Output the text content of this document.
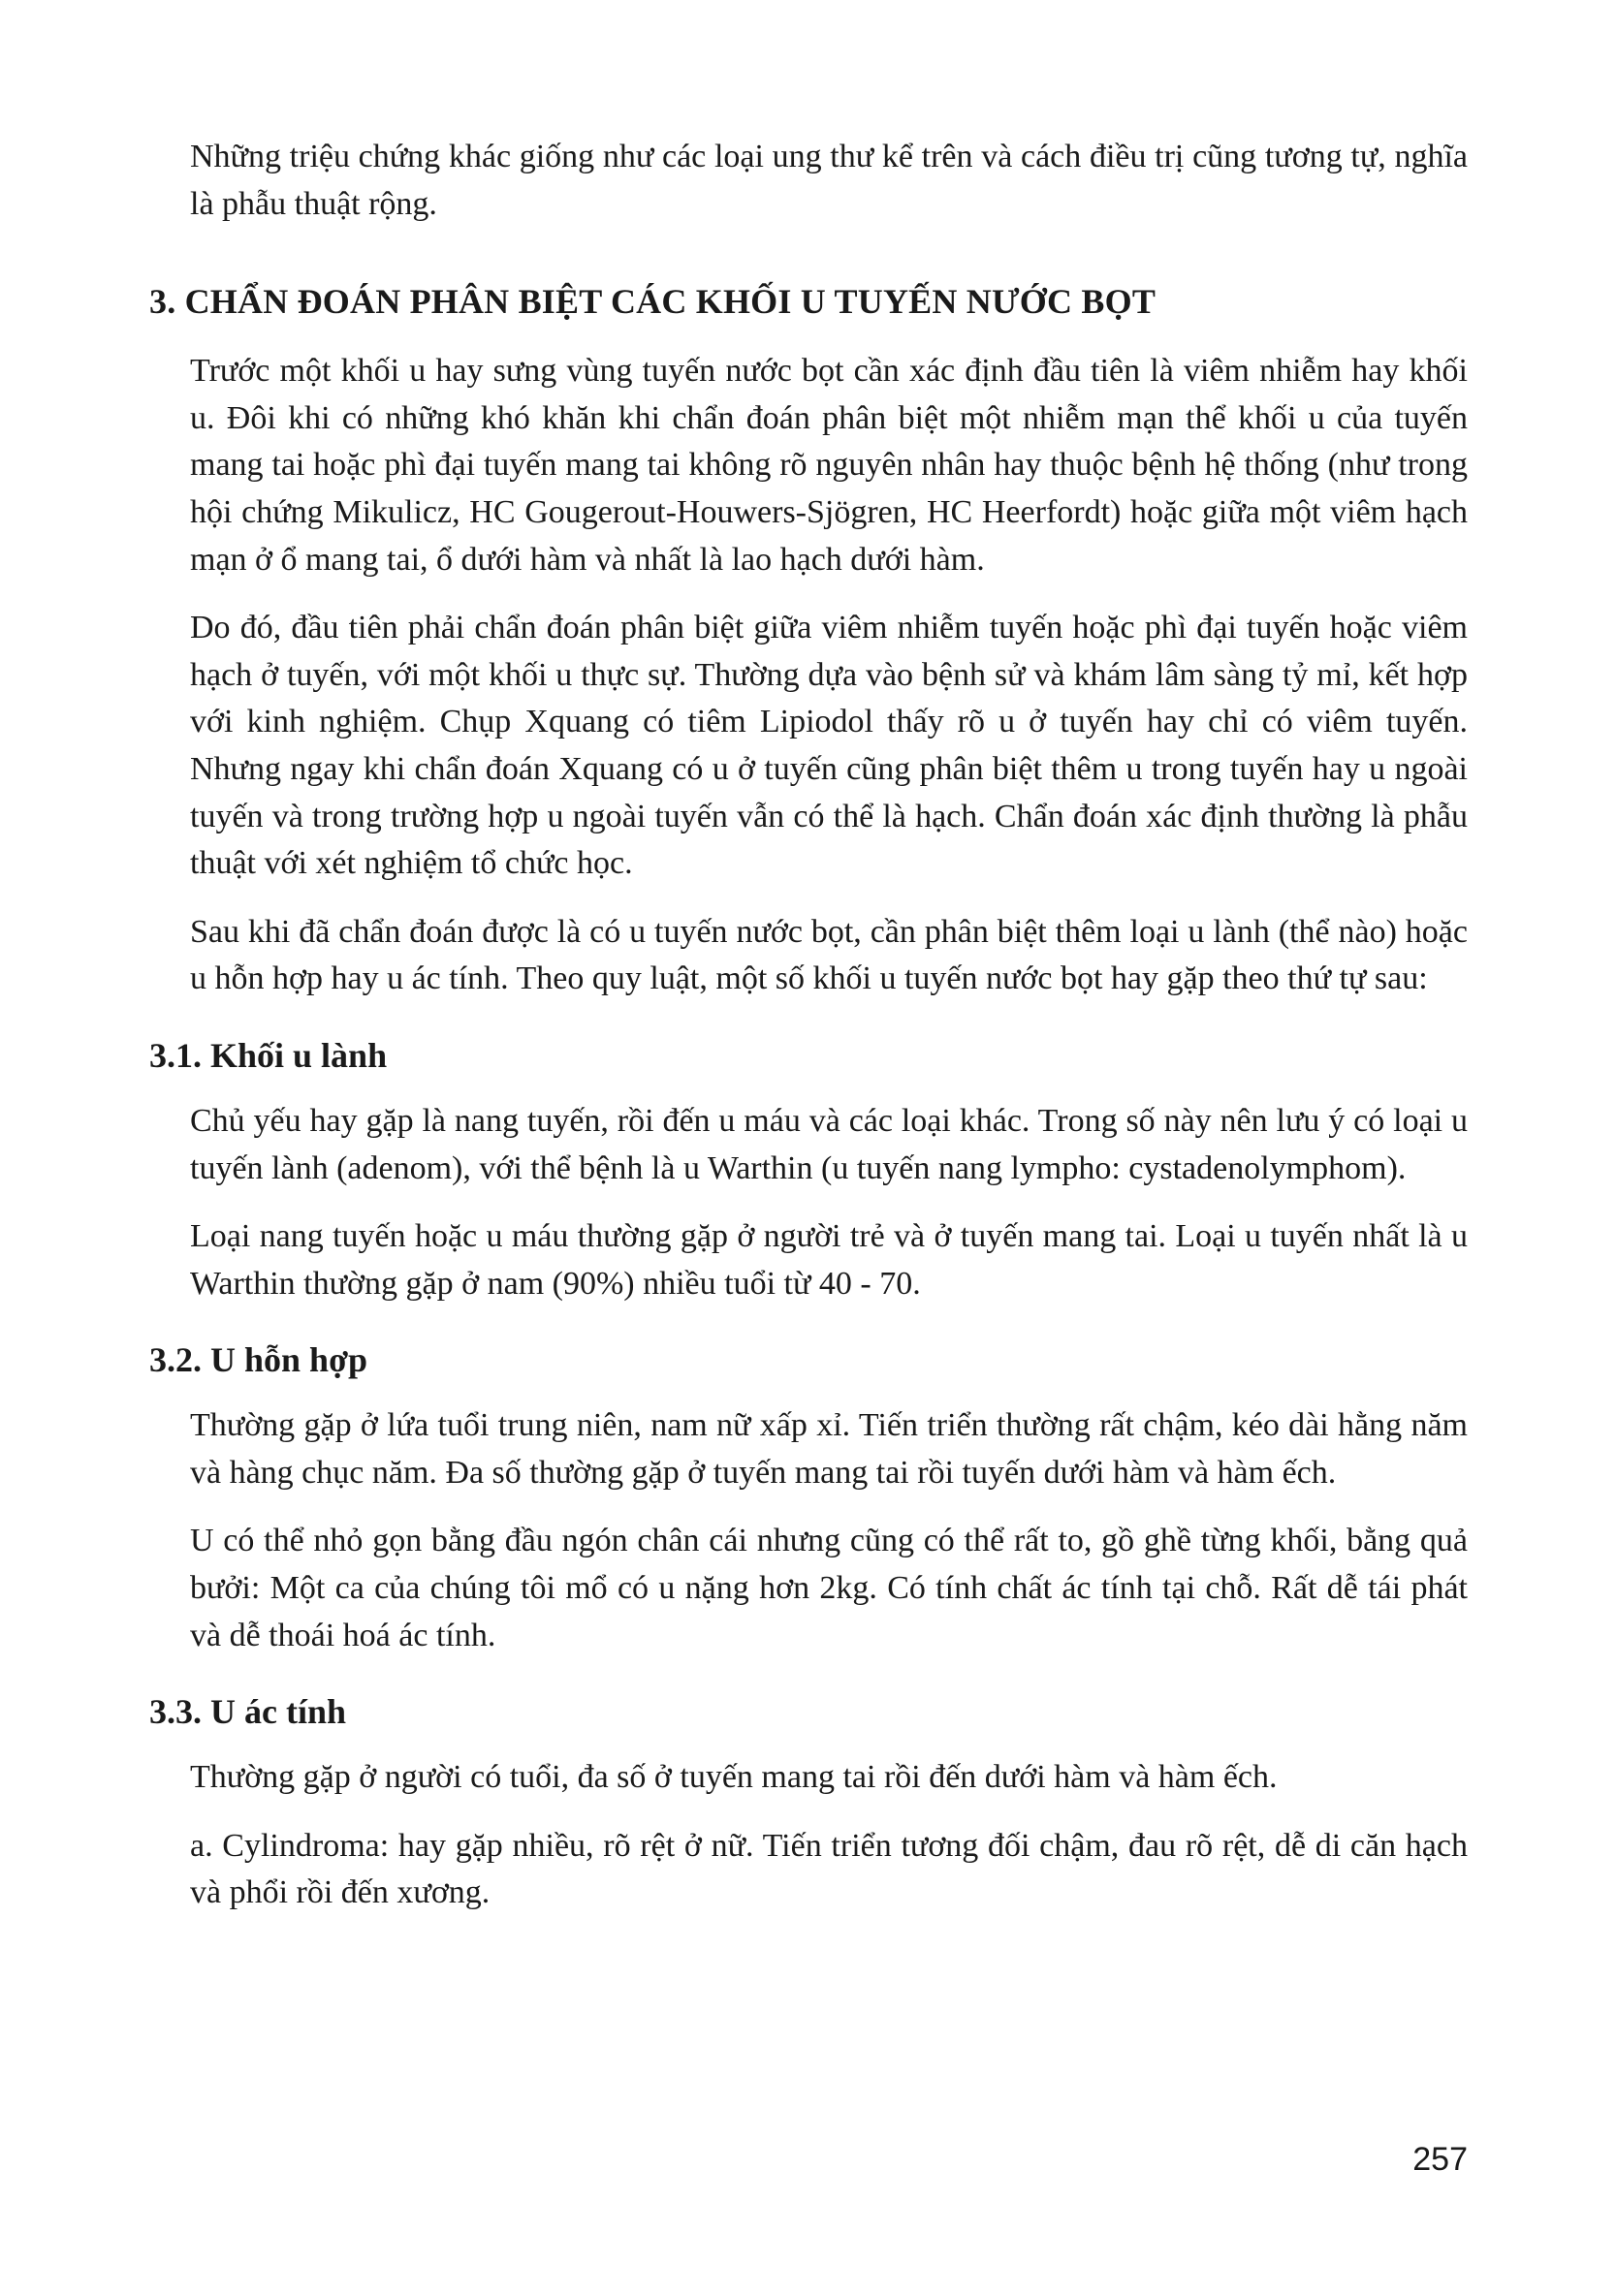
Những triệu chứng khác giống như các loại ung thư kể trên và cách điều trị cũng tương tự, nghĩa là phẫu thuật rộng.

3. CHẨN ĐOÁN PHÂN BIỆT CÁC KHỐI U TUYẾN NƯỚC BỌT

Trước một khối u hay sưng vùng tuyến nước bọt cần xác định đầu tiên là viêm nhiễm hay khối u. Đôi khi có những khó khăn khi chẩn đoán phân biệt một nhiễm mạn thể khối u của tuyến mang tai hoặc phì đại tuyến mang tai không rõ nguyên nhân hay thuộc bệnh hệ thống (như trong hội chứng Mikulicz, HC Gougerout-Houwers-Sjögren, HC Heerfordt) hoặc giữa một viêm hạch mạn ở ổ mang tai, ổ dưới hàm và nhất là lao hạch dưới hàm.

Do đó, đầu tiên phải chẩn đoán phân biệt giữa viêm nhiễm tuyến hoặc phì đại tuyến hoặc viêm hạch ở tuyến, với một khối u thực sự. Thường dựa vào bệnh sử và khám lâm sàng tỷ mỉ, kết hợp với kinh nghiệm. Chụp Xquang có tiêm Lipiodol thấy rõ u ở tuyến hay chỉ có viêm tuyến. Nhưng ngay khi chẩn đoán Xquang có u ở tuyến cũng phân biệt thêm u trong tuyến hay u ngoài tuyến và trong trường hợp u ngoài tuyến vẫn có thể là hạch. Chẩn đoán xác định thường là phẫu thuật với xét nghiệm tổ chức học.

Sau khi đã chẩn đoán được là có u tuyến nước bọt, cần phân biệt thêm loại u lành (thể nào) hoặc u hỗn hợp hay u ác tính. Theo quy luật, một số khối u tuyến nước bọt hay gặp theo thứ tự sau:

3.1. Khối u lành

Chủ yếu hay gặp là nang tuyến, rồi đến u máu và các loại khác. Trong số này nên lưu ý có loại u tuyến lành (adenom), với thể bệnh là u Warthin (u tuyến nang lympho: cystadenolymphom).

Loại nang tuyến hoặc u máu thường gặp ở người trẻ và ở tuyến mang tai. Loại u tuyến nhất là u Warthin thường gặp ở nam (90%) nhiều tuổi từ 40 - 70.

3.2. U hỗn hợp

Thường gặp ở lứa tuổi trung niên, nam nữ xấp xỉ. Tiến triển thường rất chậm, kéo dài hằng năm và hàng chục năm. Đa số thường gặp ở tuyến mang tai rồi tuyến dưới hàm và hàm ếch.

U có thể nhỏ gọn bằng đầu ngón chân cái nhưng cũng có thể rất to, gồ ghề từng khối, bằng quả bưởi: Một ca của chúng tôi mổ có u nặng hơn 2kg. Có tính chất ác tính tại chỗ. Rất dễ tái phát và dễ thoái hoá ác tính.

3.3. U ác tính

Thường gặp ở người có tuổi, đa số ở tuyến mang tai rồi đến dưới hàm và hàm ếch.

a. Cylindroma: hay gặp nhiều, rõ rệt ở nữ. Tiến triển tương đối chậm, đau rõ rệt, dễ di căn hạch và phổi rồi đến xương.

257
